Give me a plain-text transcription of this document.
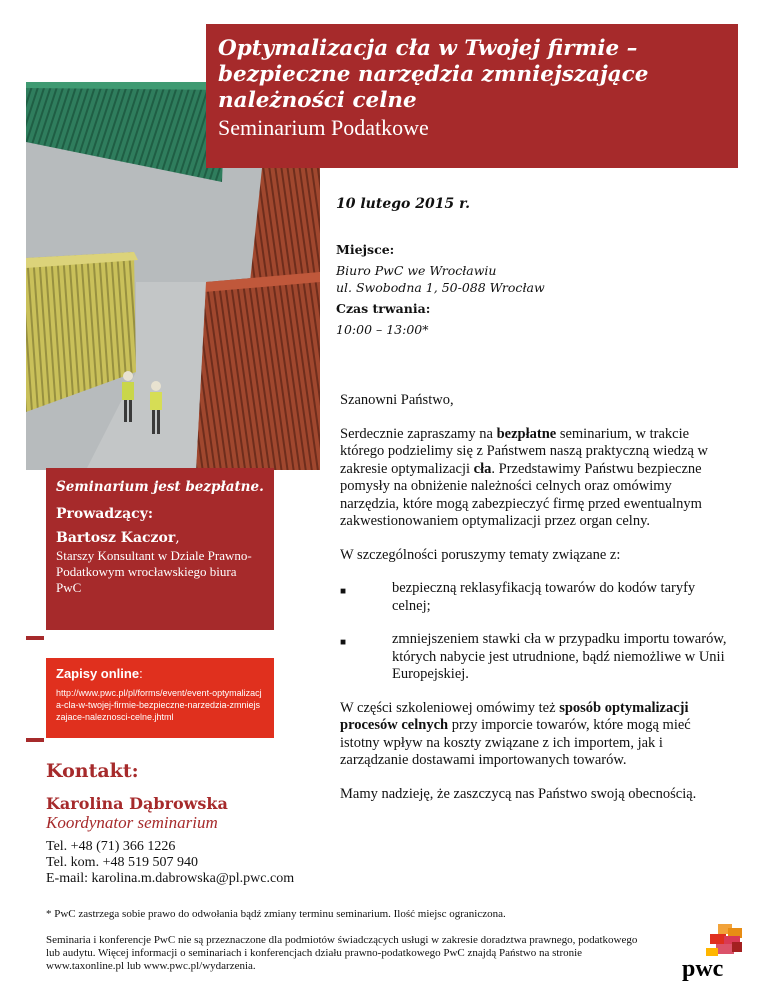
Optymalizacja cła w Twojej firmie –

bezpieczne narzędzia zmniejszające

należności celne

Seminarium Podatkowe

10 lutego 2015 r.
Miejsce:
Biuro PwC we Wrocławiu
ul. Swobodna 1, 50-088 Wrocław
Czas trwania:
10:00 – 13:00*

Szanowni Państwo,

Serdecznie zapraszamy na bezpłatne seminarium, w trakcie którego podzielimy się z Państwem naszą praktyczną wiedzą w zakresie optymalizacji cła. Przedstawimy Państwu bezpieczne pomysły na obniżenie należności celnych oraz omówimy narzędzia, które mogą zabezpieczyć firmę przed ewentualnym zakwestionowaniem optymalizacji przez organ celny.

W szczególności poruszymy tematy związane z:

■	bezpieczną reklasyfikacją towarów do kodów taryfy celnej;
■	zmniejszeniem stawki cła w przypadku importu towarów, których nabycie jest utrudnione, bądź niemożliwe w Unii Europejskiej.

W części szkoleniowej omówimy też sposób optymalizacji procesów celnych przy imporcie towarów, które mogą mieć istotny wpływ na koszty związane z ich importem, jak i zarządzanie dostawami importowanych towarów.

Mamy nadzieję, że zaszczycą nas Państwo swoją obecnością.

Seminarium jest bezpłatne.

Prowadzący:

Bartosz Kaczor,

Starszy Konsultant w Dziale Prawno-Podatkowym wrocławskiego biura PwC

Zapisy online:

http://www.pwc.pl/pl/forms/event/event-optymalizacja-cla-w-twojej-firmie-bezpieczne-narzedzia-zmniejszajace-naleznosci-celne.jhtml

Kontakt:

Karolina Dąbrowska

Koordynator seminarium

Tel. +48 (71) 366 1226

Tel. kom. +48 519 507 940

E-mail: karolina.m.dabrowska@pl.pwc.com

* PwC zastrzega sobie prawo do odwołania bądź zmiany terminu seminarium. Ilość miejsc ograniczona.
Seminaria i konferencje PwC nie są przeznaczone dla podmiotów świadczących usługi w zakresie doradztwa prawnego, podatkowego lub audytu. Więcej informacji o seminariach i konferencjach działu prawno-podatkowego PwC znajdą Państwo na stronie www.taxonline.pl lub www.pwc.pl/wydarzenia.	pwc
